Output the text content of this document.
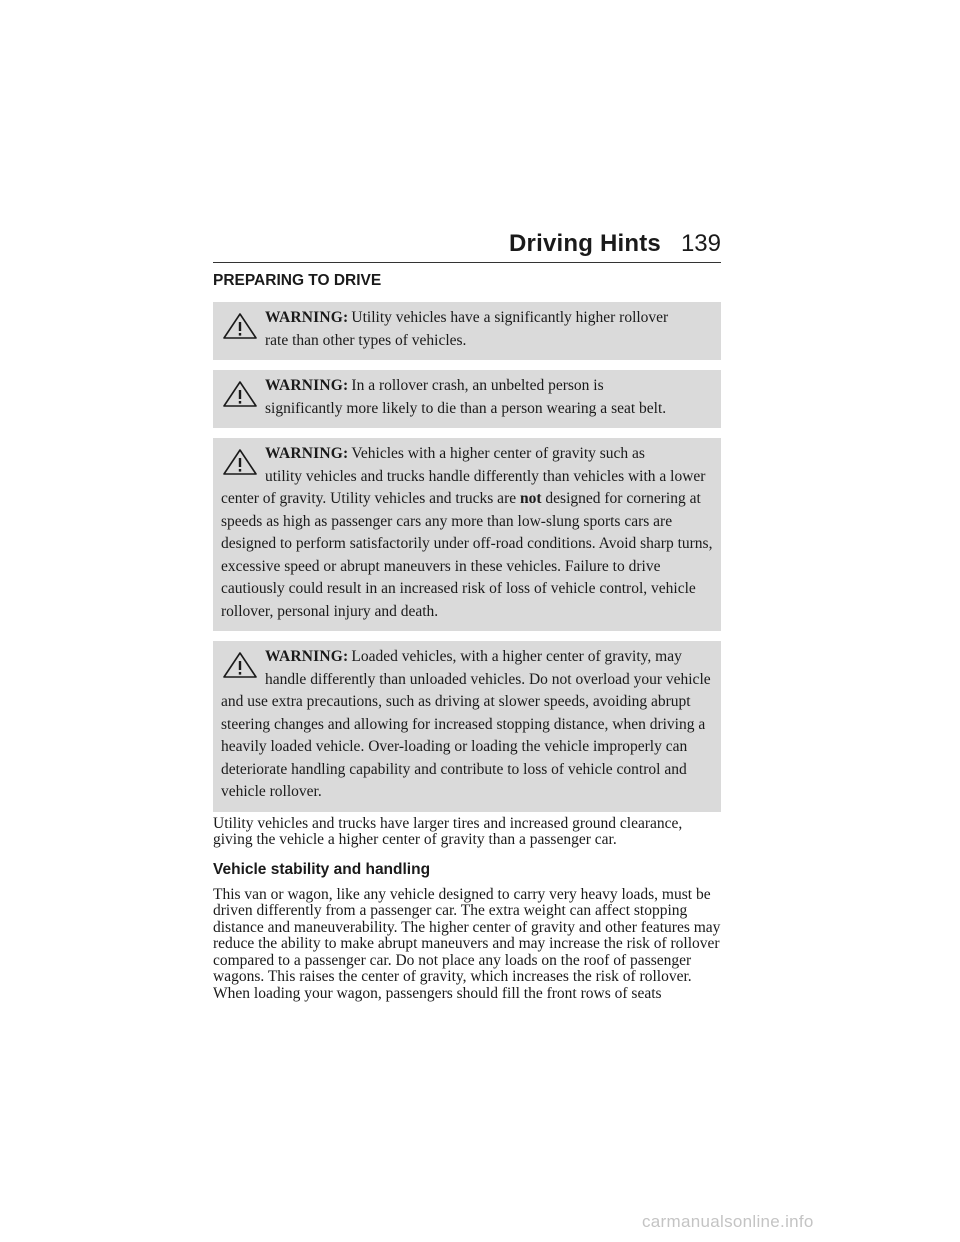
Driving Hints 139
PREPARING TO DRIVE
WARNING: Utility vehicles have a significantly higher rollover
rate than other types of vehicles.
WARNING: In a rollover crash, an unbelted person is
significantly more likely to die than a person wearing a seat belt.
WARNING: Vehicles with a higher center of gravity such as
utility vehicles and trucks handle differently than vehicles with a lower center of gravity. Utility vehicles and trucks are not designed for cornering at speeds as high as passenger cars any more than low-slung sports cars are designed to perform satisfactorily under off-road conditions. Avoid sharp turns, excessive speed or abrupt maneuvers in these vehicles. Failure to drive cautiously could result in an increased risk of loss of vehicle control, vehicle rollover, personal injury and death.
WARNING: Loaded vehicles, with a higher center of gravity, may
handle differently than unloaded vehicles. Do not overload your vehicle and use extra precautions, such as driving at slower speeds, avoiding abrupt steering changes and allowing for increased stopping distance, when driving a heavily loaded vehicle. Over-loading or loading the vehicle improperly can deteriorate handling capability and contribute to loss of vehicle control and vehicle rollover.

Utility vehicles and trucks have larger tires and increased ground clearance, giving the vehicle a higher center of gravity than a passenger car.

Vehicle stability and handling

This van or wagon, like any vehicle designed to carry very heavy loads, must be driven differently from a passenger car. The extra weight can affect stopping distance and maneuverability. The higher center of gravity and other features may reduce the ability to make abrupt maneuvers and may increase the risk of rollover compared to a passenger car. Do not place any loads on the roof of passenger wagons. This raises the center of gravity, which increases the risk of rollover. When loading your wagon, passengers should fill the front rows of seats

carmanualsonline.info
